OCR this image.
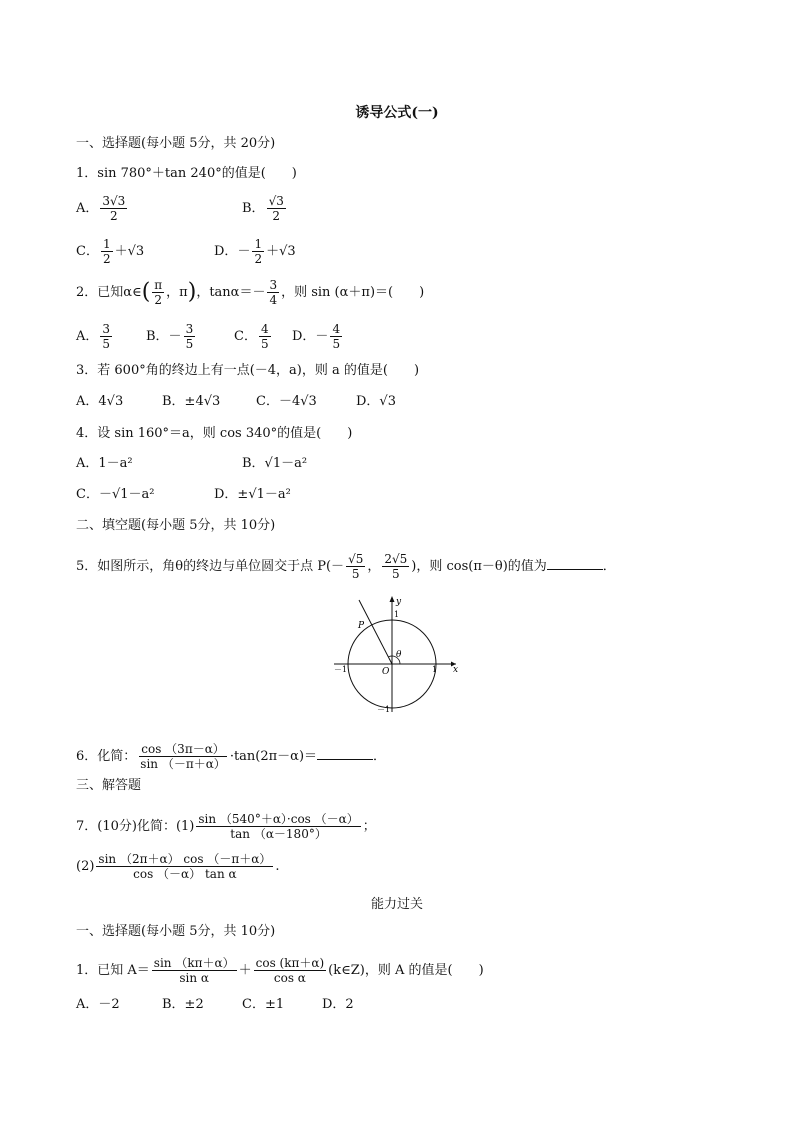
诱导公式(一)
一、选择题(每小题 5分，共 20分)
1．sin 780°＋tan 240°的值是(　　)
A． $\frac{3√3}{2}$	B． $\frac{√3}{2}$
C． $\frac{1}{2} +√3$	D．－ $\frac{1}{2} +√3$
2．已知α∈( $\frac{\pi}{2}$ ，π)，$\tan\alpha=- \frac{3}{4}$ ，则 sin (α＋π)＝(　　)
A． $\frac{3}{5}$	B．－ $\frac{3}{5}$	C． $\frac{4}{5}$ D．－ $\frac{4}{5}$
3．若 600°角的终边上有一点(－4，a)，则 a 的值是(　　)
A．4√3	B．±4√3	C．－4√3	D．√3
4．设 sin 160°＝a，则 cos 340°的值是(　　)
A．1－a²	B．√1－a²
C．－√1－a²	D．±√1－a²
二、填空题(每小题 5分，共 10分)
5．如图所示，角θ的终边与单位圆交于点 $P(- \frac{√5}{5}$ ， $\frac{2√5}{5}$ )，则 cos(π－θ)的值为	．
y
x
O
θ
P
1
1
－1
－1
6．化简： $\frac{\cos (3\pi-\alpha)}{\sin (-\pi+\alpha)} \cdot\tan(2\pi-\alpha)=$	．
三、解答题
7．(10分)化简：$(1) \frac{\sin (540^\circ+\alpha)\cdot\cos (-\alpha)}{\tan (\alpha-180^\circ)}$ ；
$(2) \frac{\sin (2\pi+\alpha) \cos (-\pi+\alpha)}{\text{cos （－α） tan α}}$ .
能力过关
一、选择题(每小题 5分，共 10分)
1．已知 $A= \frac{\sin (k\pi+\alpha)}{\text{sin α}} + \frac{\cos (k\pi+\alpha)}{\text{cos α}}$ (k∈Z)，则 A 的值是(　　)
A．－2	B．±2	C．±1	D．2
